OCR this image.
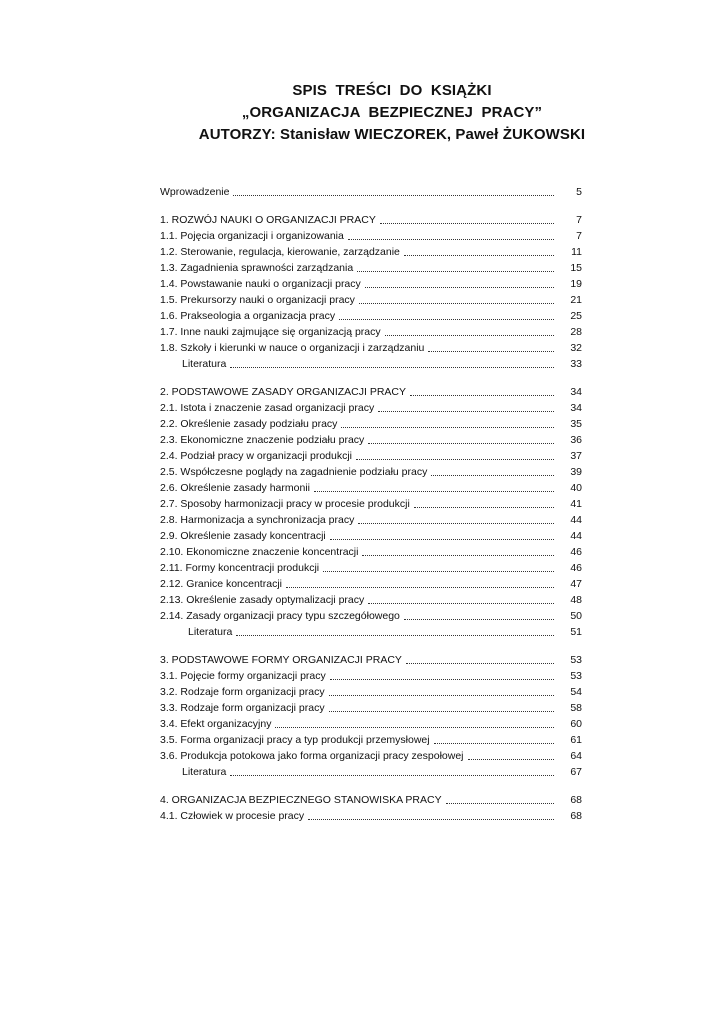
SPIS  TREŚCI  DO  KSIĄŻKI

„ORGANIZACJA  BEZPIECZNEJ  PRACY”

AUTORZY: Stanisław WIECZOREK, Paweł ŻUKOWSKI

Wprowadzenie	5
1. ROZWÓJ NAUKI O ORGANIZACJI PRACY	7
1.1. Pojęcia organizacji i organizowania	7
1.2. Sterowanie, regulacja, kierowanie, zarządzanie	11
1.3. Zagadnienia sprawności zarządzania	15
1.4. Powstawanie nauki o organizacji pracy	19
1.5. Prekursorzy nauki o organizacji pracy	21
1.6. Prakseologia a organizacja pracy	25
1.7. Inne nauki zajmujące się organizacją pracy	28
1.8. Szkoły i kierunki w nauce o organizacji i zarządzaniu	32
Literatura	33
2. PODSTAWOWE ZASADY ORGANIZACJI PRACY	34
2.1. Istota i znaczenie zasad organizacji pracy	34
2.2. Określenie zasady podziału pracy	35
2.3. Ekonomiczne znaczenie podziału pracy	36
2.4. Podział pracy w organizacji produkcji	37
2.5. Współczesne poglądy na zagadnienie podziału pracy	39
2.6. Określenie zasady harmonii	40
2.7. Sposoby harmonizacji pracy w procesie produkcji	41
2.8. Harmonizacja a synchronizacja pracy	44
2.9. Określenie zasady koncentracji	44
2.10. Ekonomiczne znaczenie koncentracji	46
2.11. Formy koncentracji produkcji	46
2.12. Granice koncentracji	47
2.13. Określenie zasady optymalizacji pracy	48
2.14. Zasady organizacji pracy typu szczegółowego	50
Literatura	51
3. PODSTAWOWE FORMY ORGANIZACJI PRACY	53
3.1. Pojęcie formy organizacji pracy	53
3.2. Rodzaje form organizacji pracy	54
3.3. Rodzaje form organizacji pracy	58
3.4. Efekt organizacyjny	60
3.5. Forma organizacji pracy a typ produkcji przemysłowej	61
3.6. Produkcja potokowa jako forma organizacji pracy zespołowej	64
Literatura	67
4. ORGANIZACJA BEZPIECZNEGO STANOWISKA PRACY	68
4.1. Człowiek w procesie pracy	68
